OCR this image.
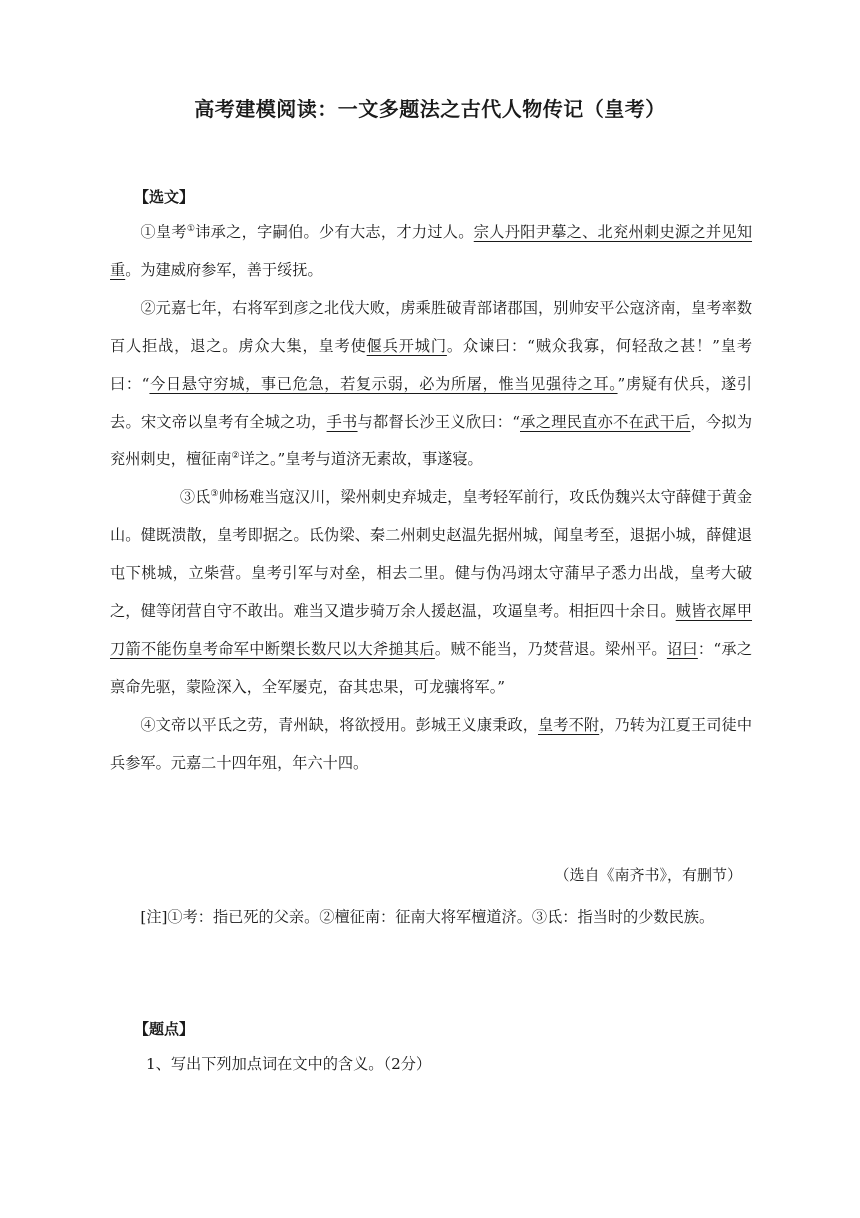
高考建模阅读：一文多题法之古代人物传记（皇考）
【选文】

①皇考①讳承之，字嗣伯。少有大志，才力过人。宗人丹阳尹摹之、北兖州刺史源之并见知重。为建威府参军，善于绥抚。

②元嘉七年，右将军到彦之北伐大败，虏乘胜破青部诸郡国，别帅安平公寇济南，皇考率数百人拒战，退之。虏众大集，皇考使偃兵开城门。众谏曰：“贼众我寡，何轻敌之甚！”皇考曰：“今日悬守穷城，事已危急，若复示弱，必为所屠，惟当见强待之耳。”虏疑有伏兵，遂引去。宋文帝以皇考有全城之功，手书与都督长沙王义欣曰：“承之理民直亦不在武干后，今拟为兖州刺史，檀征南②详之。”皇考与道济无素故，事遂寝。

③氐③帅杨难当寇汉川，梁州刺史弃城走，皇考轻军前行，攻氐伪魏兴太守薛健于黄金山。健既溃散，皇考即据之。氐伪梁、秦二州刺史赵温先据州城，闻皇考至，退据小城，薛健退屯下桃城，立柴营。皇考引军与对垒，相去二里。健与伪冯翊太守蒲早子悉力出战，皇考大破之，健等闭营自守不敢出。难当又遣步骑万余人援赵温，攻逼皇考。相拒四十余日。贼皆衣犀甲刀箭不能伤皇考命军中断槊长数尺以大斧搥其后。贼不能当，乃焚营退。梁州平。诏曰：“承之禀命先驱，蒙险深入，全军屡克，奋其忠果，可龙骧将军。”

④文帝以平氐之劳，青州缺，将欲授用。彭城王义康秉政，皇考不附，乃转为江夏王司徒中兵参军。元嘉二十四年殂，年六十四。

（选自《南齐书》，有删节）

[注]①考：指已死的父亲。②檀征南：征南大将军檀道济。③氐：指当时的少数民族。

【题点】
1、写出下列加点词在文中的含义。（2分）
